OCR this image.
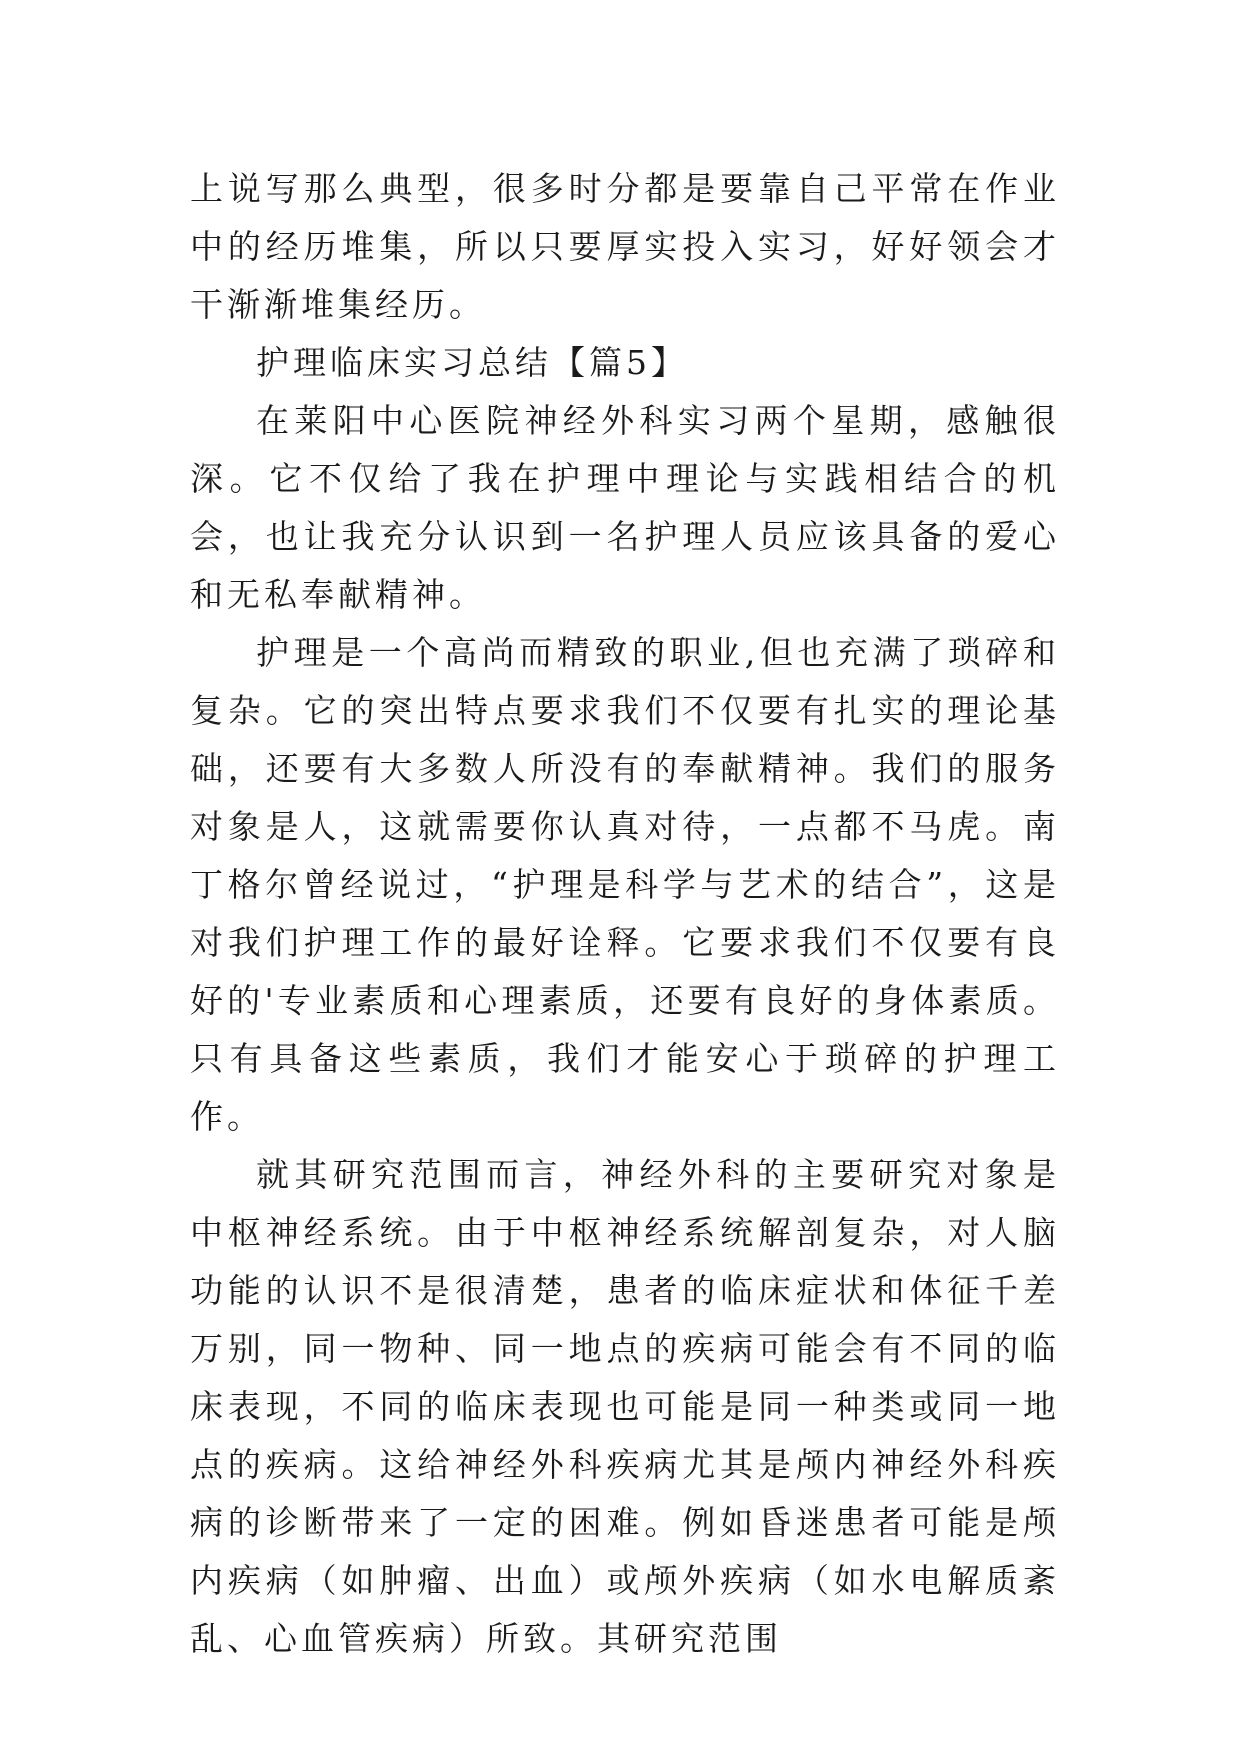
上说写那么典型，很多时分都是要靠自己平常在作业中的经历堆集，所以只要厚实投入实习，好好领会才干渐渐堆集经历。

护理临床实习总结【篇5】

在莱阳中心医院神经外科实习两个星期，感触很深。它不仅给了我在护理中理论与实践相结合的机会，也让我充分认识到一名护理人员应该具备的爱心和无私奉献精神。

护理是一个高尚而精致的职业,但也充满了琐碎和复杂。它的突出特点要求我们不仅要有扎实的理论基础，还要有大多数人所没有的奉献精神。我们的服务对象是人，这就需要你认真对待，一点都不马虎。南丁格尔曾经说过，“护理是科学与艺术的结合”，这是对我们护理工作的最好诠释。它要求我们不仅要有良好的'专业素质和心理素质，还要有良好的身体素质。只有具备这些素质，我们才能安心于琐碎的护理工作。

就其研究范围而言，神经外科的主要研究对象是中枢神经系统。由于中枢神经系统解剖复杂，对人脑功能的认识不是很清楚，患者的临床症状和体征千差万别，同一物种、同一地点的疾病可能会有不同的临床表现，不同的临床表现也可能是同一种类或同一地点的疾病。这给神经外科疾病尤其是颅内神经外科疾病的诊断带来了一定的困难。例如昏迷患者可能是颅内疾病（如肿瘤、出血）或颅外疾病（如水电解质紊乱、心血管疾病）所致。其研究范围
